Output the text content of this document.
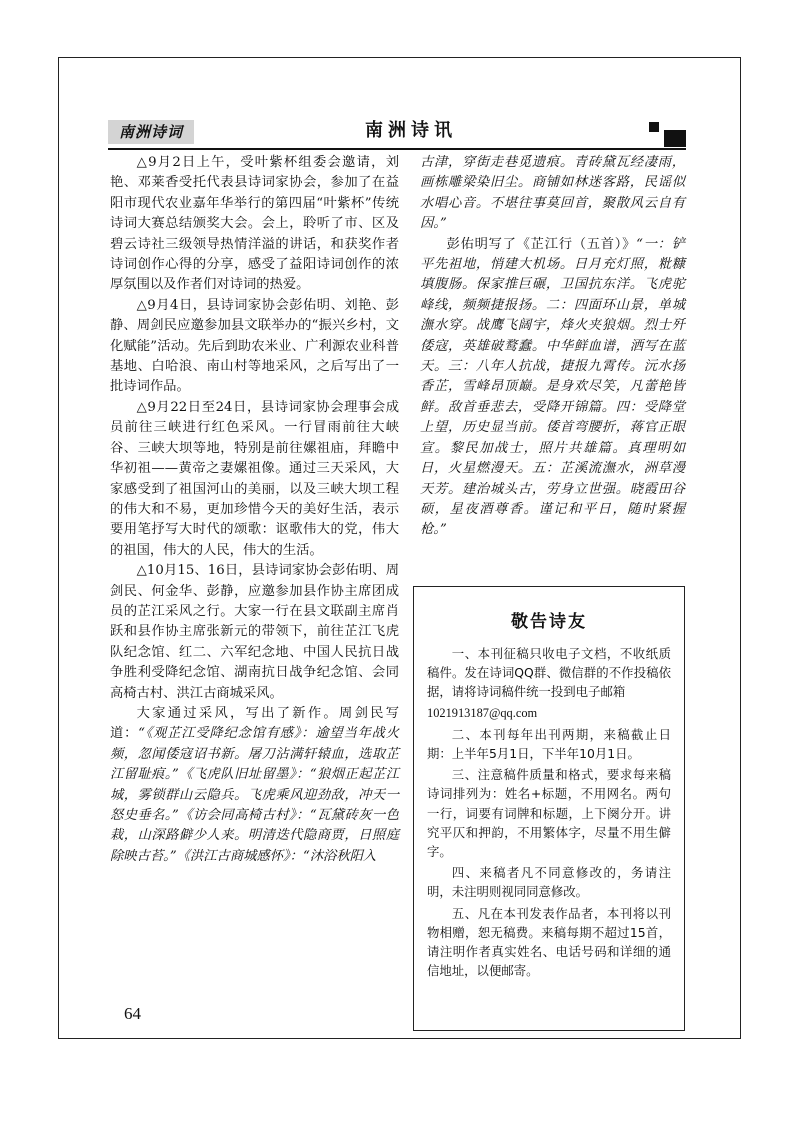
南洲诗词	南洲诗讯

△9月2日上午，受叶紫杯组委会邀请，刘艳、邓莱香受托代表县诗词家协会，参加了在益阳市现代农业嘉年华举行的第四届“叶紫杯”传统诗词大赛总结颁奖大会。会上，聆听了市、区及碧云诗社三级领导热情洋溢的讲话，和获奖作者诗词创作心得的分享，感受了益阳诗词创作的浓厚氛围以及作者们对诗词的热爱。

△9月4日，县诗词家协会彭佑明、刘艳、彭静、周剑民应邀参加县文联举办的“振兴乡村，文化赋能”活动。先后到助农米业、广利源农业科普基地、白哈浪、南山村等地采风，之后写出了一批诗词作品。

△9月22日至24日，县诗词家协会理事会成员前往三峡进行红色采风。一行冒雨前往大峡谷、三峡大坝等地，特别是前往嫘祖庙，拜瞻中华初祖——黄帝之妻嫘祖像。通过三天采风，大家感受到了祖国河山的美丽，以及三峡大坝工程的伟大和不易，更加珍惜今天的美好生活，表示要用笔抒写大时代的颂歌：讴歌伟大的党，伟大的祖国，伟大的人民，伟大的生活。

△10月15、16日，县诗词家协会彭佑明、周剑民、何金华、彭静，应邀参加县作协主席团成员的芷江采风之行。大家一行在县文联副主席肖跃和县作协主席张新元的带领下，前往芷江飞虎队纪念馆、红二、六军纪念地、中国人民抗日战争胜利受降纪念馆、湖南抗日战争纪念馆、会同高椅古村、洪江古商城采风。

大家通过采风，写出了新作。周剑民写道：“《观芷江受降纪念馆有感》：逾望当年战火频，忽闻倭寇诏书新。屠刀沾满轩辕血，选取芷江留耻痕。”《飞虎队旧址留墨》：“狼烟正起芷江城，雾锁群山云隐兵。飞虎乘风迎劲敌，冲天一怒史垂名。”《访会同高椅古村》：“瓦黛砖灰一色栽，山深路僻少人来。明清迭代隐商贾，日照庭除映古苔。”《洪江古商城感怀》：“沐浴秋阳入

古津，穿街走巷觅遗痕。青砖黛瓦经凄雨，画栋雕梁染旧尘。商铺如林迷客路，民谣似水唱心音。不堪往事莫回首，聚散风云自有因。”

彭佑明写了《芷江行（五首）》“一：铲平先祖地，悄建大机场。日月充灯照，粃糠填腹肠。保家推巨碾，卫国抗东洋。飞虎驼峰线，频频捷报扬。二：四面环山景，单城潕水穿。战鹰飞阔宇，烽火夹狼烟。烈士歼倭寇，英雄破鹜蠢。中华鲜血谱，洒写在蓝天。三：八年人抗战，捷报九霄传。沅水扬香芷，雪峰昂顶巅。是身欢尽笑，凡蕾艳皆鲜。敌首垂悲去，受降开锦篇。四：受降堂上望，历史显当前。倭首弯腰折，蒋官正眼宣。黎民加战士，照片共雄篇。真理明如日，火星燃漫天。五：芷溪流潕水，洲草漫天芳。建治城头古，劳身立世强。晓霞田谷硕，星夜酒尊香。谨记和平日，随时紧握枪。”

敬告诗友

一、本刊征稿只收电子文档，不收纸质稿件。发在诗词QQ群、微信群的不作投稿依据，请将诗词稿件统一投到电子邮箱

1021913187@qq.com

二、本刊每年出刊两期，来稿截止日期：上半年5月1日，下半年10月1日。

三、注意稿件质量和格式，要求每来稿诗词排列为：姓名+标题，不用网名。两句一行，词要有词牌和标题，上下阕分开。讲究平仄和押韵，不用繁体字，尽量不用生僻字。

四、来稿者凡不同意修改的，务请注明，未注明则视同同意修改。

五、凡在本刊发表作品者，本刊将以刊物相赠，恕无稿费。来稿每期不超过15首，请注明作者真实姓名、电话号码和详细的通信地址，以便邮寄。

64
